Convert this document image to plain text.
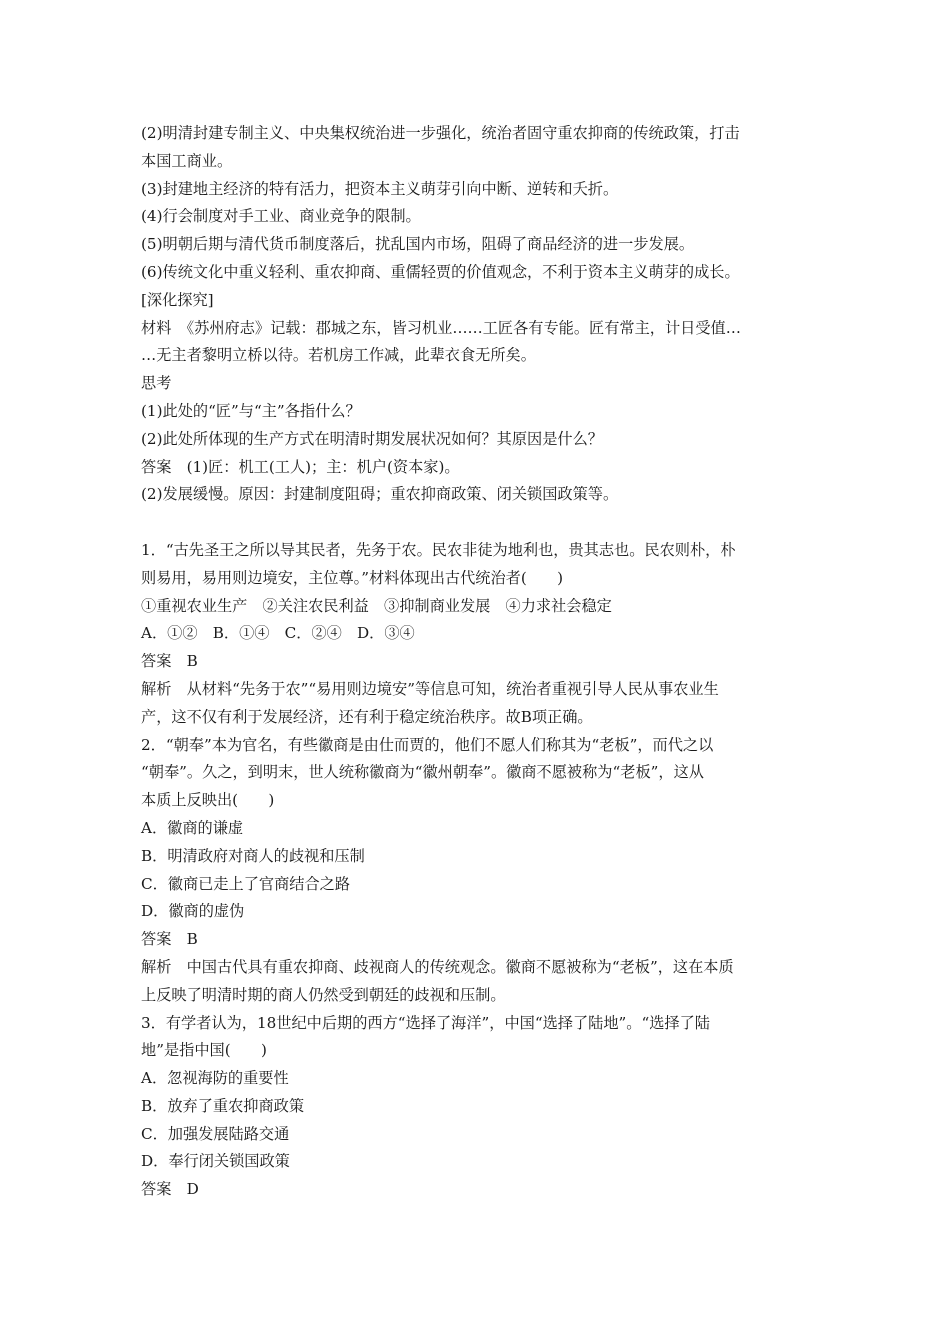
(2)明清封建专制主义、中央集权统治进一步强化，统治者固守重农抑商的传统政策，打击

本国工商业。

(3)封建地主经济的特有活力，把资本主义萌芽引向中断、逆转和夭折。

(4)行会制度对手工业、商业竞争的限制。

(5)明朝后期与清代货币制度落后，扰乱国内市场，阻碍了商品经济的进一步发展。

(6)传统文化中重义轻利、重农抑商、重儒轻贾的价值观念，不利于资本主义萌芽的成长。

[深化探究]

材料　《苏州府志》记载：郡城之东，皆习机业……工匠各有专能。匠有常主，计日受值…

…无主者黎明立桥以待。若机房工作减，此辈衣食无所矣。

思考

(1)此处的“匠”与“主”各指什么？

(2)此处所体现的生产方式在明清时期发展状况如何？其原因是什么？

答案　(1)匠：机工(工人)；主：机户(资本家)。

(2)发展缓慢。原因：封建制度阻碍；重农抑商政策、闭关锁国政策等。

1．“古先圣王之所以导其民者，先务于农。民农非徒为地利也，贵其志也。民农则朴，朴

则易用，易用则边境安，主位尊。”材料体现出古代统治者(　　)

①重视农业生产　②关注农民利益　③抑制商业发展　④力求社会稳定

A．①②　B．①④　C．②④　D．③④

答案　B

解析　从材料“先务于农”“易用则边境安”等信息可知，统治者重视引导人民从事农业生

产，这不仅有利于发展经济，还有利于稳定统治秩序。故B项正确。

2．“朝奉”本为官名，有些徽商是由仕而贾的，他们不愿人们称其为“老板”，而代之以

“朝奉”。久之，到明末，世人统称徽商为“徽州朝奉”。徽商不愿被称为“老板”，这从

本质上反映出(　　)

A．徽商的谦虚

B．明清政府对商人的歧视和压制

C．徽商已走上了官商结合之路

D．徽商的虚伪

答案　B

解析　中国古代具有重农抑商、歧视商人的传统观念。徽商不愿被称为“老板”，这在本质

上反映了明清时期的商人仍然受到朝廷的歧视和压制。

3．有学者认为，18世纪中后期的西方“选择了海洋”，中国“选择了陆地”。“选择了陆

地”是指中国(　　)

A．忽视海防的重要性

B．放弃了重农抑商政策

C．加强发展陆路交通

D．奉行闭关锁国政策

答案　D
